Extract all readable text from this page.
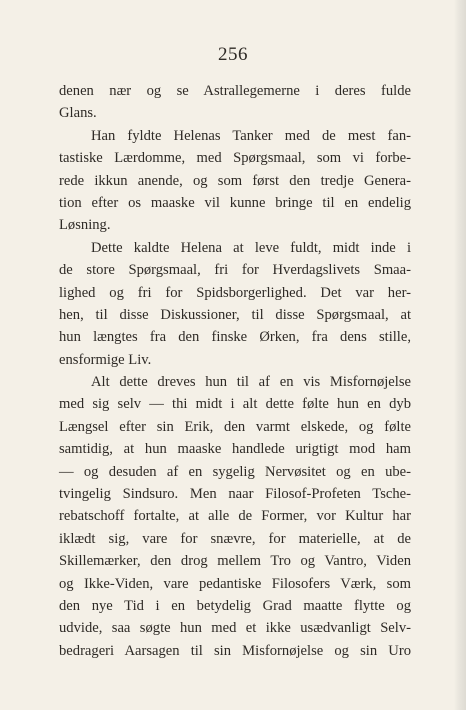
256
denen nær og se Astrallegemerne i deres fulde
Glans.
Han fyldte Helenas Tanker med de mest fan-
tastiske Lærdomme, med Spørgsmaal, som vi forbe-
rede ikkun anende, og som først den tredje Genera-
tion efter os maaske vil kunne bringe til en endelig
Løsning.
Dette kaldte Helena at leve fuldt, midt inde i
de store Spørgsmaal, fri for Hverdagslivets Smaa-
lighed og fri for Spidsborgerlighed. Det var her-
hen, til disse Diskussioner, til disse Spørgsmaal, at
hun længtes fra den finske Ørken, fra dens stille,
ensformige Liv.
Alt dette dreves hun til af en vis Misfornøjelse
med sig selv — thi midt i alt dette følte hun en dyb
Længsel efter sin Erik, den varmt elskede, og følte
samtidig, at hun maaske handlede urigtigt mod ham
— og desuden af en sygelig Nervøsitet og en ube-
tvingelig Sindsuro. Men naar Filosof-Profeten Tsche-
rebatschoff fortalte, at alle de Former, vor Kultur har
iklædt sig, vare for snævre, for materielle, at de
Skillemærker, den drog mellem Tro og Vantro, Viden
og Ikke-Viden, vare pedantiske Filosofers Værk, som
den nye Tid i en betydelig Grad maatte flytte og
udvide, saa søgte hun med et ikke usædvanligt Selv-
bedrageri Aarsagen til sin Misfornøjelse og sin Uro
